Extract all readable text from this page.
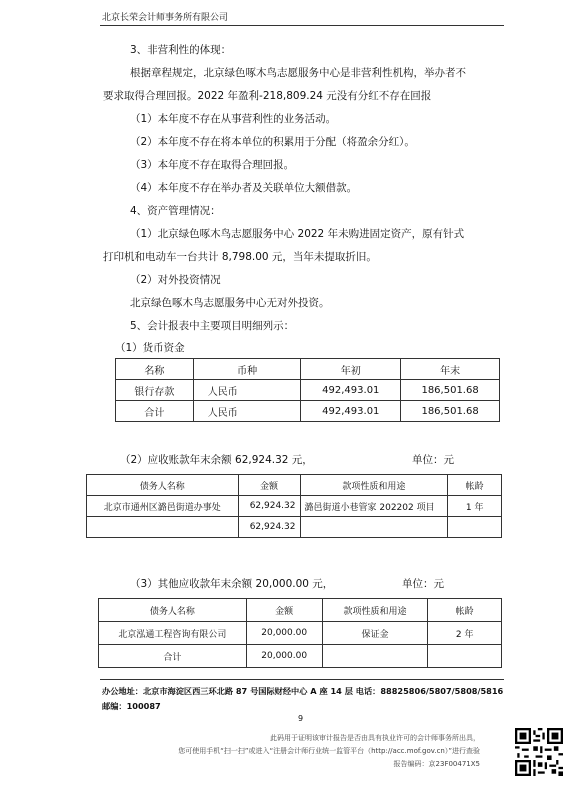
北京长荣会计师事务所有限公司
3、非营利性的体现：
根据章程规定，北京绿色啄木鸟志愿服务中心是非营利性机构，举办者不
要求取得合理回报。2022 年盈利-218,809.24 元没有分红不存在回报
（1）本年度不存在从事营利性的业务活动。
（2）本年度不存在将本单位的积累用于分配（将盈余分红）。
（3）本年度不存在取得合理回报。
（4）本年度不存在举办者及关联单位大额借款。
4、资产管理情况：
（1）北京绿色啄木鸟志愿服务中心 2022 年未购进固定资产，原有针式
打印机和电动车一台共计 8,798.00 元，当年未提取折旧。
（2）对外投资情况
北京绿色啄木鸟志愿服务中心无对外投资。
5、会计报表中主要项目明细列示：
（1）货币资金
名称	币种	年初	年末
银行存款	人民币	492,493.01	186,501.68
合计	人民币	492,493.01	186,501.68
（2）应收账款年末余额 62,924.32 元，	单位：元
债务人名称	金额	款项性质和用途	帐龄
北京市通州区潞邑街道办事处	62,924.32	潞邑街道小巷管家 202202 项目	1 年
	62,924.32		
（3）其他应收款年末余额 20,000.00 元，	单位：元
债务人名称	金额	款项性质和用途	帐龄
北京泓通工程咨询有限公司	20,000.00	保证金	2 年
合计	20,000.00		
办公地址：北京市海淀区西三环北路 87 号国际财经中心 A 座 14 层 电话：88825806/5807/5808/5816
邮编：100087
9
此码用于证明该审计报告是否由具有执业许可的会计师事务所出具，
您可使用手机“扫一扫”或进入“注册会计师行业统一监管平台（http://acc.mof.gov.cn）”进行查验
报告编码：京23F00471X5
